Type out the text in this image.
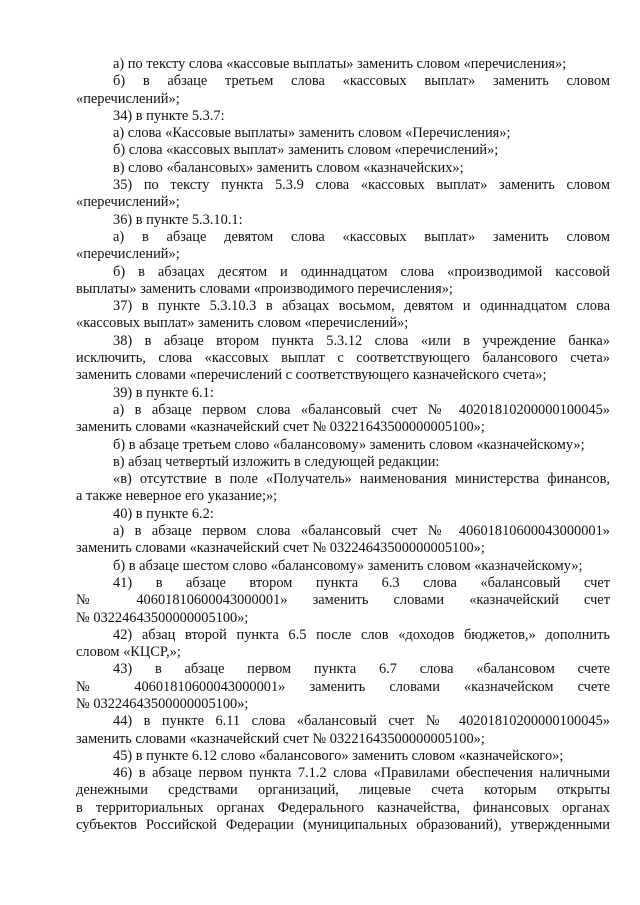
а) по тексту слова «кассовые выплаты» заменить словом «перечисления»;
б) в абзаце третьем слова «кассовых выплат» заменить словом
«перечислений»;
34) в пункте 5.3.7:
а) слова «Кассовые выплаты» заменить словом «Перечисления»;
б) слова «кассовых выплат» заменить словом «перечислений»;
в) слово «балансовых» заменить словом «казначейских»;
35) по тексту пункта 5.3.9 слова «кассовых выплат» заменить словом
«перечислений»;
36) в пункте 5.3.10.1:
а) в абзаце девятом слова «кассовых выплат» заменить словом
«перечислений»;
б) в абзацах десятом и одиннадцатом слова «производимой кассовой
выплаты» заменить словами «производимого перечисления»;
37) в пункте 5.3.10.3 в абзацах восьмом, девятом и одиннадцатом слова
«кассовых выплат» заменить словом «перечислений»;
38) в абзаце втором пункта 5.3.12 слова «или в учреждение банка»
исключить, слова «кассовых выплат с соответствующего балансового счета»
заменить словами «перечислений с соответствующего казначейского счета»;
39) в пункте 6.1:
а) в абзаце первом слова «балансовый счет № 40201810200000100045»
заменить словами «казначейский счет № 03221643500000005100»;
б) в абзаце третьем слово «балансовому» заменить словом «казначейскому»;
в) абзац четвертый изложить в следующей редакции:
«в) отсутствие в поле «Получатель» наименования министерства финансов,
а также неверное его указание;»;
40) в пункте 6.2:
а) в абзаце первом слова «балансовый счет № 40601810600043000001»
заменить словами «казначейский счет № 03224643500000005100»;
б) в абзаце шестом слово «балансовому» заменить словом «казначейскому»;
41) в абзаце втором пункта 6.3 слова «балансовый счет
№ 40601810600043000001» заменить словами «казначейский счет
№ 03224643500000005100»;
42) абзац второй пункта 6.5 после слов «доходов бюджетов,» дополнить
словом «КЦСР,»;
43) в абзаце первом пункта 6.7 слова «балансовом счете
№ 40601810600043000001» заменить словами «казначейском счете
№ 03224643500000005100»;
44) в пункте 6.11 слова «балансовый счет № 40201810200000100045»
заменить словами «казначейский счет № 03221643500000005100»;
45) в пункте 6.12 слово «балансового» заменить словом «казначейского»;
46) в абзаце первом пункта 7.1.2 слова «Правилами обеспечения наличными
денежными средствами организаций, лицевые счета которым открыты
в территориальных органах Федерального казначейства, финансовых органах
субъектов Российской Федерации (муниципальных образований), утвержденными
